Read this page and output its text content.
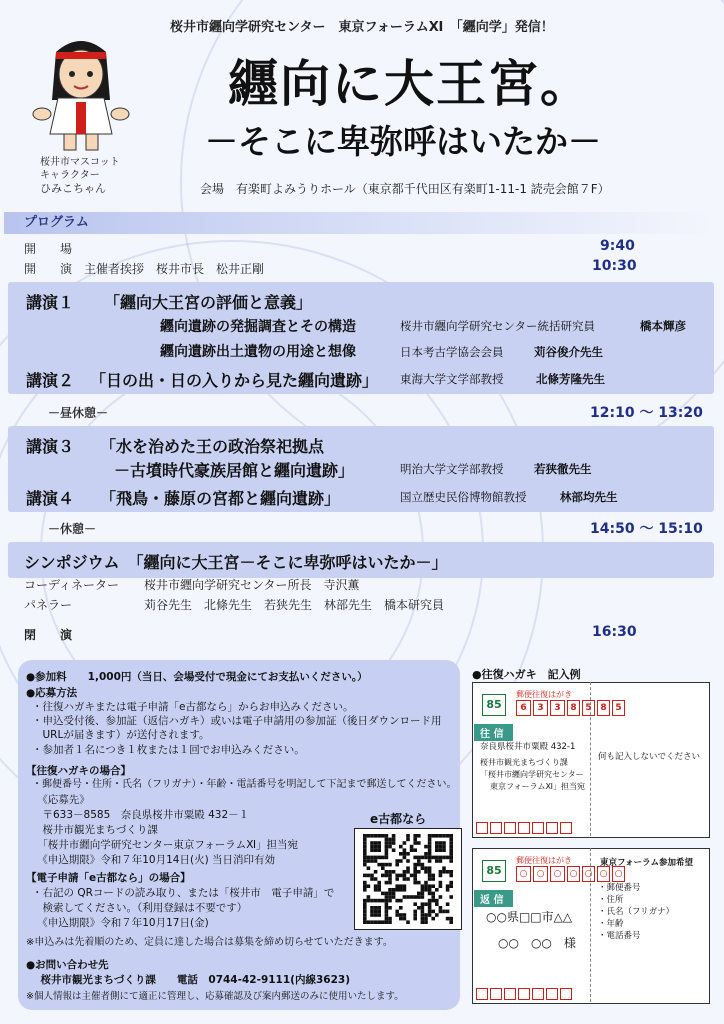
桜井市纒向学研究センター　東京フォーラムⅪ　「纒向学」発信！
桜井市マスコット
キャラクター
ひみこちゃん
纒向に大王宮。
－そこに卑弥呼はいたか－
会場　有楽町よみうりホール（東京都千代田区有楽町1-11-1 読売会館７F）
プログラム
開　　場	9:40
開　　演　主催者挨拶　桜井市長　松井正剛	10:30
講演１ 「纒向大王宮の評価と意義」
纒向遺跡の発掘調査とその構造	桜井市纒向学研究センター統括研究員	橋本輝彦
纒向遺跡出土遺物の用途と想像	日本考古学協会会員	苅谷俊介先生
講演２ 「日の出・日の入りから見た纒向遺跡」 東海大学文学部教授	北條芳隆先生
－昼休憩－	12:10 ～ 13:20
講演３ 「水を治めた王の政治祭祀拠点
－古墳時代豪族居館と纒向遺跡」	明治大学文学部教授	若狭徹先生
講演４ 「飛鳥・藤原の宮都と纒向遺跡」	国立歴史民俗博物館教授	林部均先生
－休憩－	14:50 ～ 15:10
シンポジウム　「纒向に大王宮－そこに卑弥呼はいたか－」
コーディネーター 桜井市纒向学研究センター所長　寺沢薫
パネラー	苅谷先生　北條先生　若狭先生　林部先生　橋本研究員
閉　　演	16:30
●参加料　　1,000円（当日、会場受付で現金にてお支払いください。）
●応募方法
・往復ハガキまたは電子申請「e古都なら」からお申込みください。
・申込受付後、参加証（返信ハガキ）或いは電子申請用の参加証（後日ダウンロード用
　URLが届きます）が送付されます。
・参加者１名につき１枚または１回でお申込みください。
【往復ハガキの場合】
・郵便番号・住所・氏名（フリガナ）・年齢・電話番号を明記して下記まで郵送してください。
　《応募先》
　〒633－8585　奈良県桜井市粟殿 432－１
　桜井市観光まちづくり課
　「桜井市纒向学研究センター東京フォーラムⅪ」担当宛
　《申込期限》令和７年10月14日(火) 当日消印有効
【電子申請「e古都なら」の場合】
・右記の QRコードの読み取り、または「桜井市　電子申請」で
　検索してください。（利用登録は不要です）
　《申込期限》令和７年10月17日(金)
※申込みは先着順のため、定員に達した場合は募集を締め切らせていただきます。
●お問い合わせ先
　桜井市観光まちづくり課　　電話　0744-42-9111(内線3623)
※個人情報は主催者側にて適正に管理し、応募確認及び案内郵送のみに使用いたします。
e古都なら
●往復ハガキ　記入例
85
郵便往復はがき
6	3	3	8 5 8 5
往 信
奈良県桜井市粟殿 432-1
桜井市観光まちづくり課
「桜井市纒向学研究センター
東京フォーラムⅪ」担当宛
何も記入しないでください
85
郵便往復はがき
○	○	○ ○ ○ ○ ○
返 信
○○県□□市△△
○○　○○　様
東京フォーラム参加希望
・郵便番号
・住所
・氏名（フリガナ）
・年齢
・電話番号
